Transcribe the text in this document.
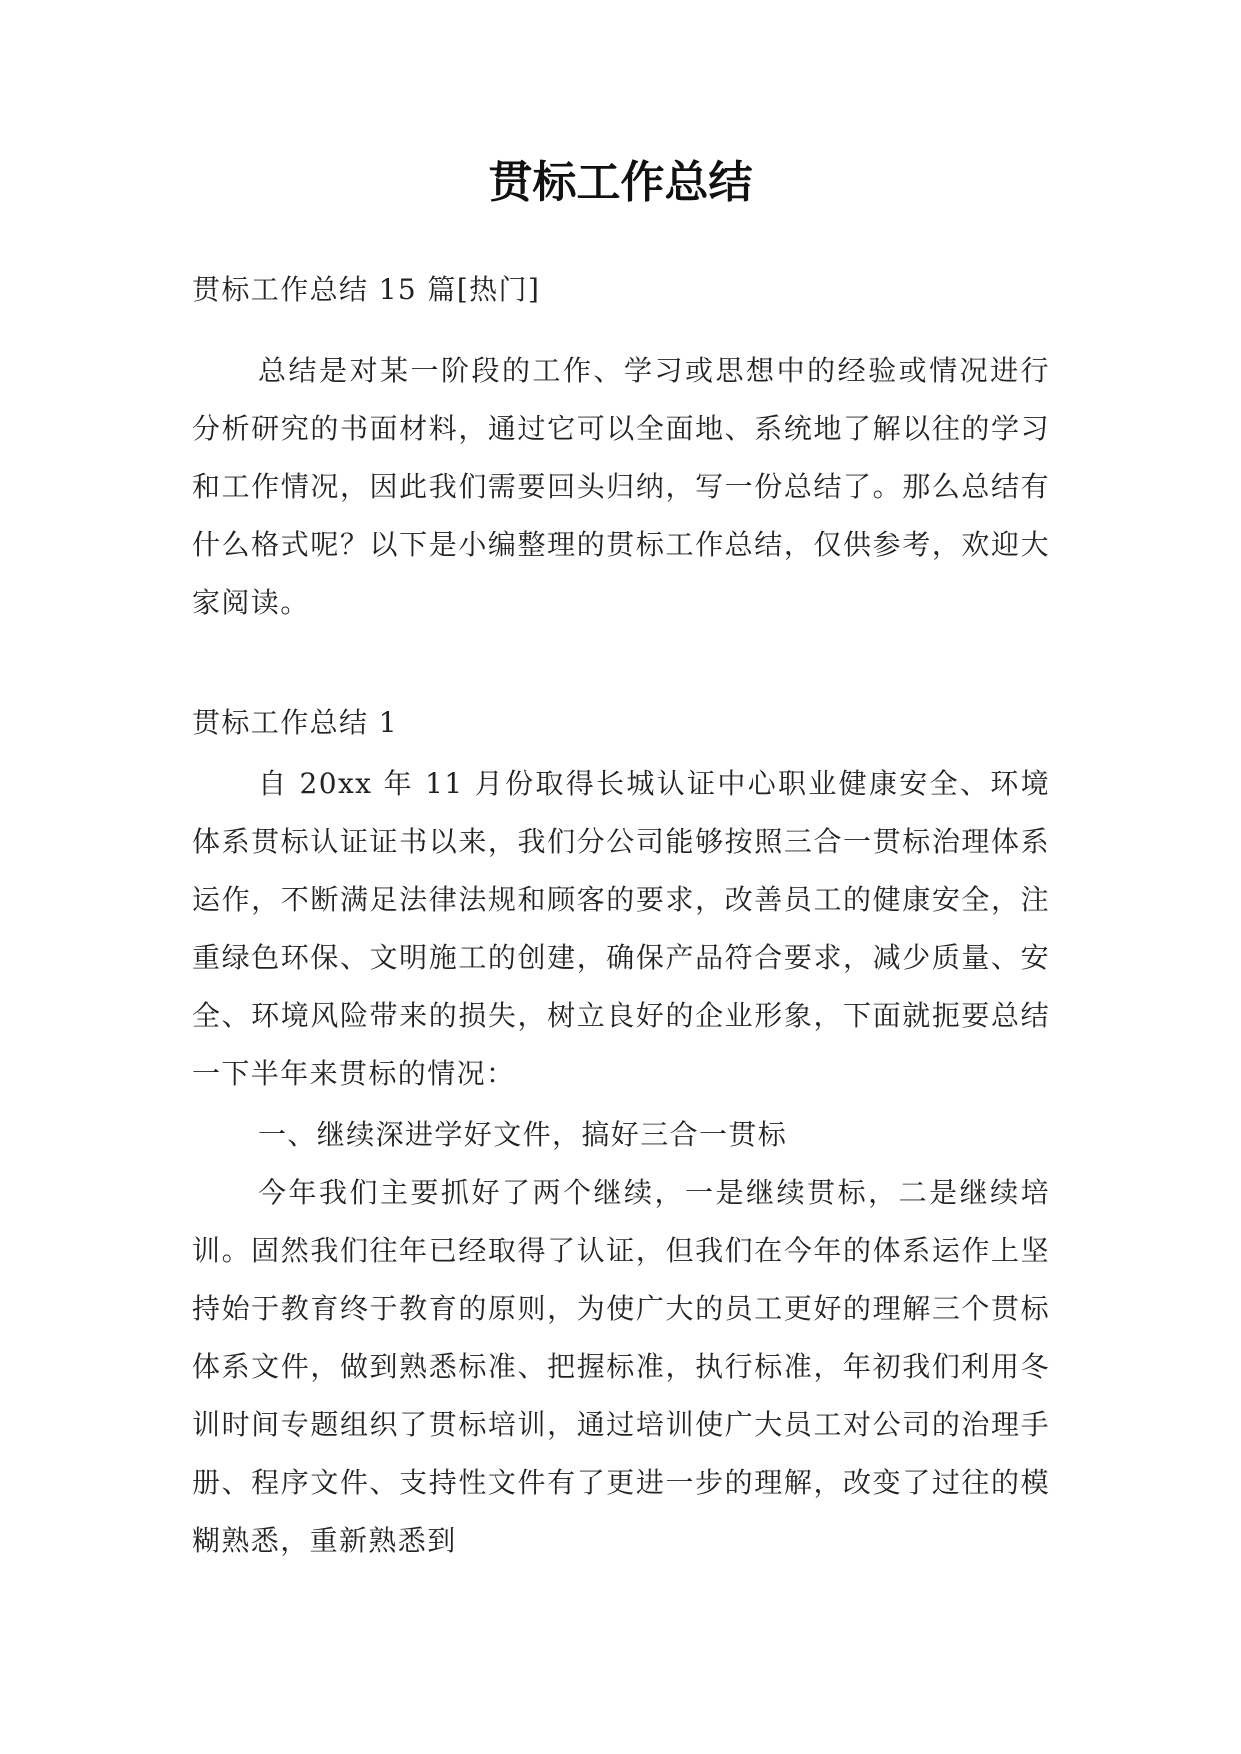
贯标工作总结

贯标工作总结 15 篇[热门]

总结是对某一阶段的工作、学习或思想中的经验或情况进行分析研究的书面材料，通过它可以全面地、系统地了解以往的学习和工作情况，因此我们需要回头归纳，写一份总结了。那么总结有什么格式呢？以下是小编整理的贯标工作总结，仅供参考，欢迎大家阅读。

贯标工作总结 1

自 20xx 年 11 月份取得长城认证中心职业健康安全、环境体系贯标认证证书以来，我们分公司能够按照三合一贯标治理体系运作，不断满足法律法规和顾客的要求，改善员工的健康安全，注重绿色环保、文明施工的创建，确保产品符合要求，减少质量、安全、环境风险带来的损失，树立良好的企业形象，下面就扼要总结一下半年来贯标的情况：

一、继续深进学好文件，搞好三合一贯标

今年我们主要抓好了两个继续，一是继续贯标，二是继续培训。固然我们往年已经取得了认证，但我们在今年的体系运作上坚持始于教育终于教育的原则，为使广大的员工更好的理解三个贯标体系文件，做到熟悉标准、把握标准，执行标准，年初我们利用冬训时间专题组织了贯标培训，通过培训使广大员工对公司的治理手册、程序文件、支持性文件有了更进一步的理解，改变了过往的模糊熟悉，重新熟悉到
